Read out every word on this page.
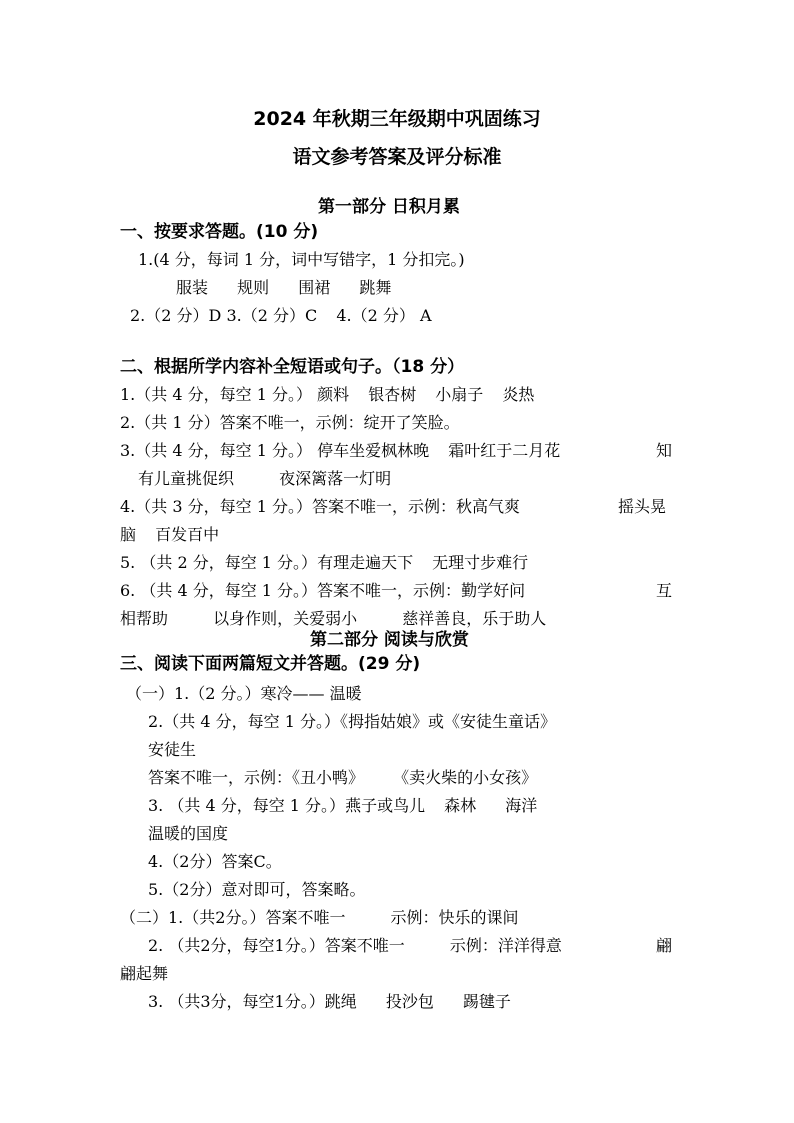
2024 年秋期三年级期中巩固练习
语文参考答案及评分标准
第一部分 日积月累
一、按要求答题。(10 分)
1.(4 分，每词 1 分，词中写错字，1 分扣完。)
服装 规则 围裙 跳舞
2.（2 分）D 3.（2 分）C 4.（2 分） A
二、根据所学内容补全短语或句子。（18 分）
1.（共 4 分，每空 1 分。） 颜料 银杏树 小扇子 炎热
2.（共 1 分）答案不唯一，示例：绽开了笑脸。
3.（共 4 分，每空 1 分。） 停车坐爱枫林晚 霜叶红于二月花	知
有儿童挑促织	夜深篱落一灯明
4.（共 3 分，每空 1 分。）答案不唯一，示例：秋高气爽	摇头晃
脑 百发百中
5. （共 2 分，每空 1 分。）有理走遍天下 无理寸步难行
6. （共 4 分，每空 1 分。）答案不唯一，示例：勤学好问	互
相帮助	以身作则，关爱弱小	慈祥善良，乐于助人
第二部分 阅读与欣赏
三、阅读下面两篇短文并答题。(29 分)
（一）1.（2 分。）寒冷—— 温暖
2.（共 4 分，每空 1 分。）《拇指姑娘》或《安徒生童话》
安徒生
答案不唯一，示例：《丑小鸭》 《卖火柴的小女孩》
3. （共 4 分，每空 1 分。）燕子或鸟儿 森林 海洋
温暖的国度
4.（2分）答案C。
5.（2分）意对即可，答案略。
（二）1.（共2分。）答案不唯一	示例：快乐的课间
2. （共2分，每空1分。）答案不唯一	示例：洋洋得意	翩
翩起舞
3. （共3分，每空1分。）跳绳 投沙包 踢毽子
